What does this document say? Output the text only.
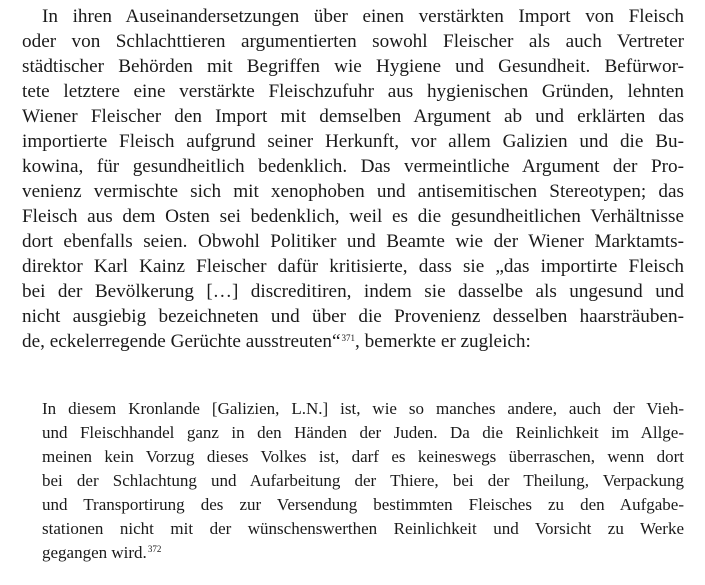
In ihren Auseinandersetzungen über einen verstärkten Import von Fleisch
oder von Schlachttieren argumentierten sowohl Fleischer als auch Vertreter
städtischer Behörden mit Begriffen wie Hygiene und Gesundheit. Befürwor-
tete letztere eine verstärkte Fleischzufuhr aus hygienischen Gründen, lehnten
Wiener Fleischer den Import mit demselben Argument ab und erklärten das
importierte Fleisch aufgrund seiner Herkunft, vor allem Galizien und die Bu-
kowina, für gesundheitlich bedenklich. Das vermeintliche Argument der Pro-
venienz vermischte sich mit xenophoben und antisemitischen Stereotypen; das
Fleisch aus dem Osten sei bedenklich, weil es die gesundheitlichen Verhältnisse
dort ebenfalls seien. Obwohl Politiker und Beamte wie der Wiener Marktamts-
direktor Karl Kainz Fleischer dafür kritisierte, dass sie „das importirte Fleisch
bei der Bevölkerung […] discreditiren, indem sie dasselbe als ungesund und
nicht ausgiebig bezeichneten und über die Provenienz desselben haarsträuben-
de, eckelerregende Gerüchte ausstreuten“$^{371}$, bemerkte er zugleich:
In diesem Kronlande [Galizien, L.N.] ist, wie so manches andere, auch der Vieh-
und Fleischhandel ganz in den Händen der Juden. Da die Reinlichkeit im Allge-
meinen kein Vorzug dieses Volkes ist, darf es keineswegs überraschen, wenn dort
bei der Schlachtung und Aufarbeitung der Thiere, bei der Theilung, Verpackung
und Transportirung des zur Versendung bestimmten Fleisches zu den Aufgabe-
stationen nicht mit der wünschenswerthen Reinlichkeit und Vorsicht zu Werke
gegangen wird.$^{372}$
